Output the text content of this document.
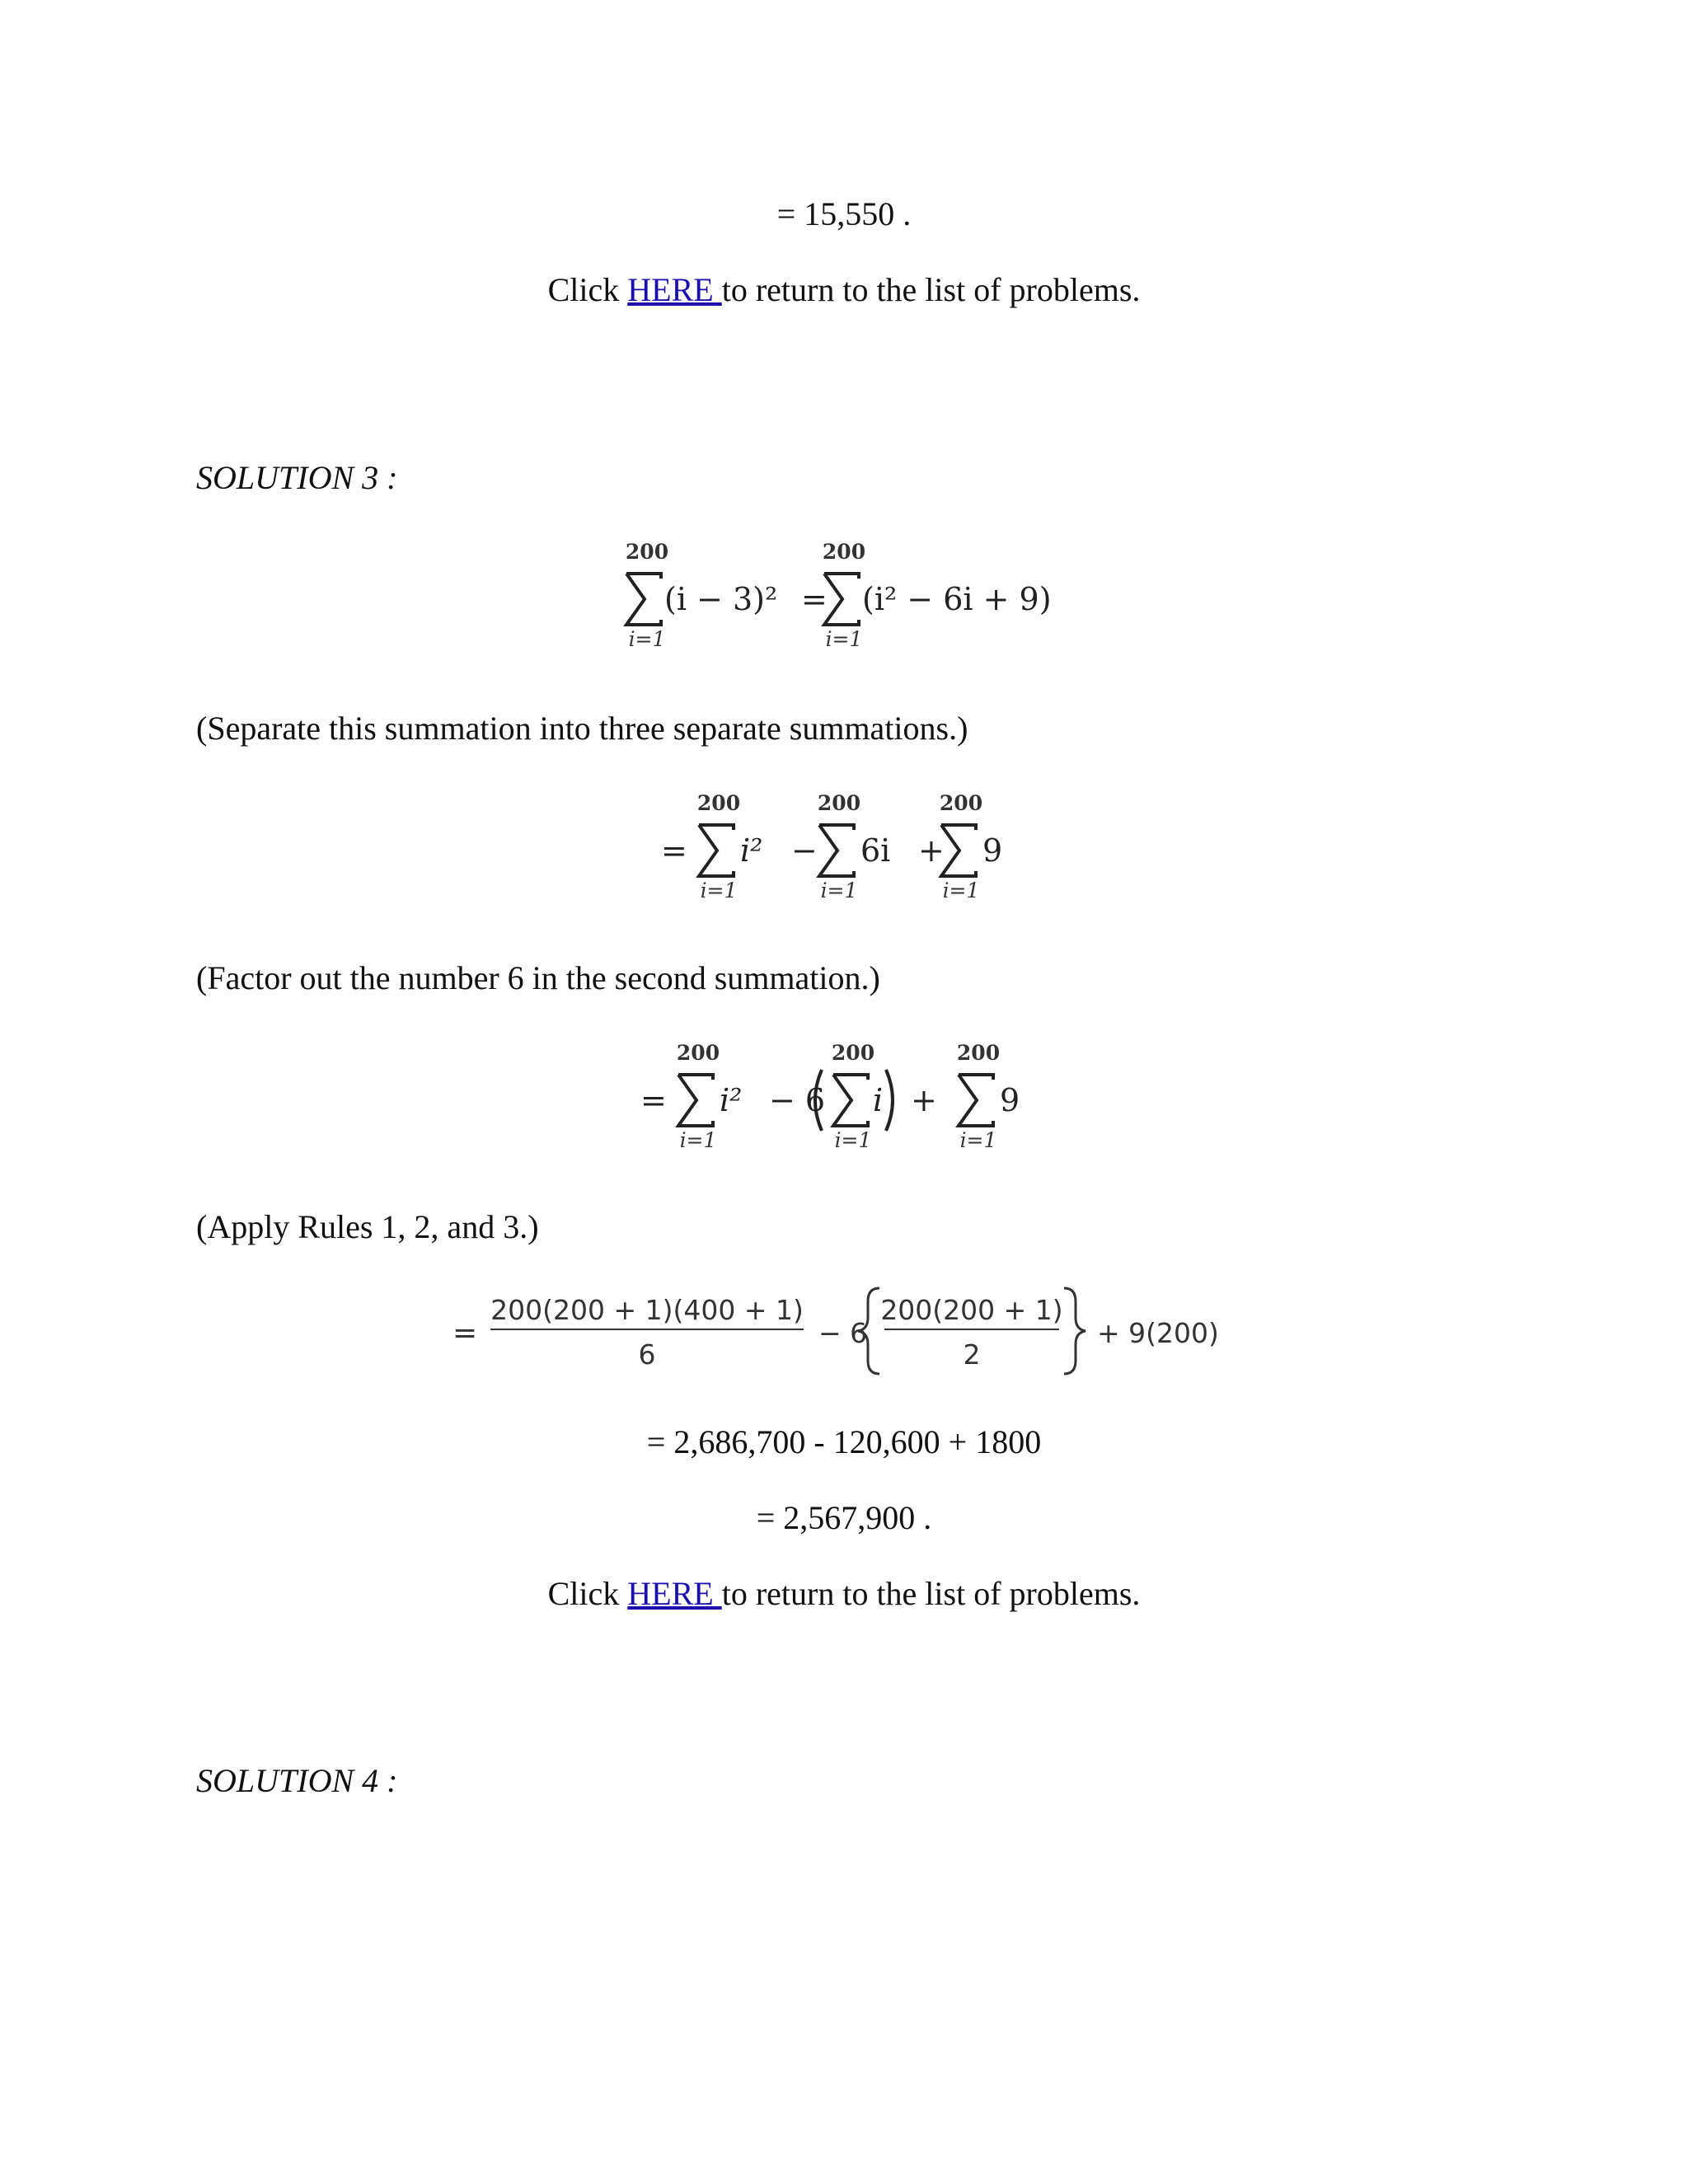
= 15,550 .
Click HERE to return to the list of problems.
SOLUTION 3 :
200
i=1
(i − 3)² =
200
i=1
(i² − 6i + 9)
(Separate this summation into three separate summations.)
=
200
i=1
i² −
200
i=1
6i +
200
i=1
9
(Factor out the number 6 in the second summation.)
=
200
i=1
i² − 6
200
i=1
i +
200
i=1
9
(Apply Rules 1, 2, and 3.)
=
200(200 + 1)(400 + 1)
6
− 6
200(200 + 1)
2
+ 9(200)
= 2,686,700 - 120,600 + 1800
= 2,567,900 .
Click HERE to return to the list of problems.
SOLUTION 4 :
